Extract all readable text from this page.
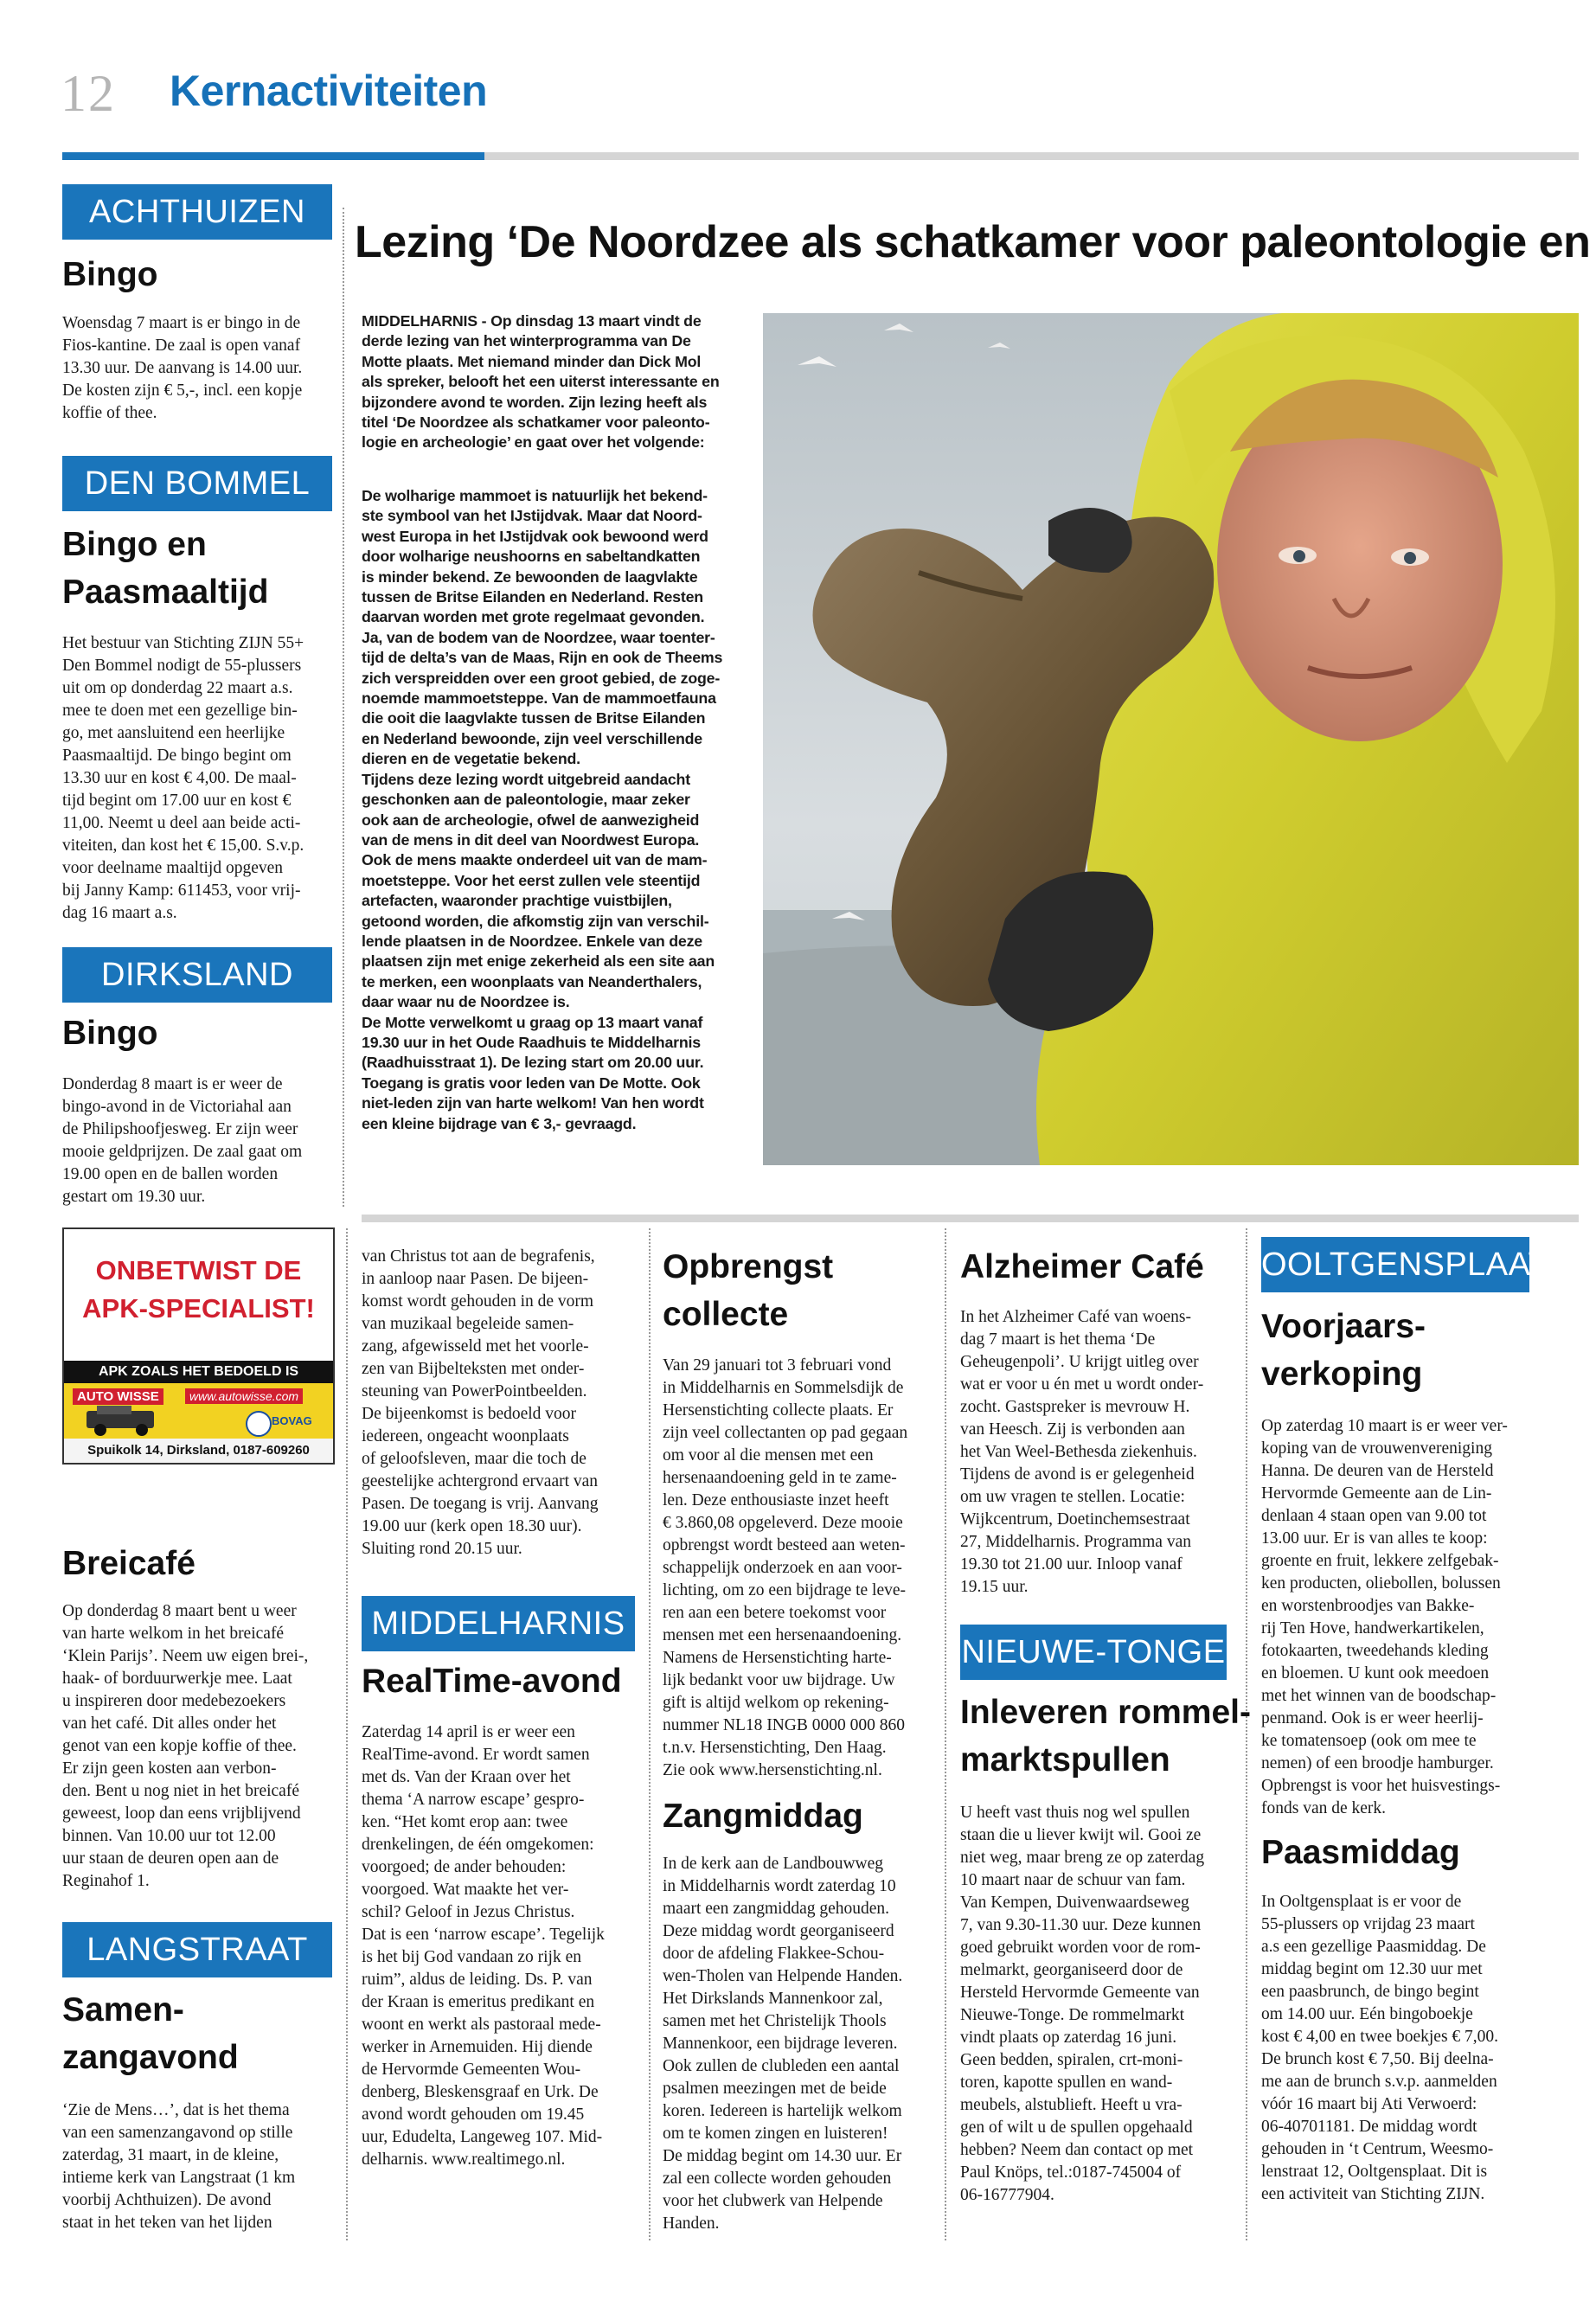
12 Kernactiviteiten
ACHTHUIZEN
Bingo
Woensdag 7 maart is er bingo in de
Fios-kantine. De zaal is open vanaf
13.30 uur. De aanvang is 14.00 uur.
De kosten zijn € 5,-, incl. een kopje
koffie of thee.
DEN BOMMEL
Bingo en
Paasmaaltijd
Het bestuur van Stichting ZIJN 55+
Den Bommel nodigt de 55-plussers
uit om op donderdag 22 maart a.s.
mee te doen met een gezellige bin-
go, met aansluitend een heerlijke
Paasmaaltijd. De bingo begint om
13.30 uur en kost € 4,00. De maal-
tijd begint om 17.00 uur en kost €
11,00. Neemt u deel aan beide acti-
viteiten, dan kost het € 15,00. S.v.p.
voor deelname maaltijd opgeven
bij Janny Kamp: 611453, voor vrij-
dag 16 maart a.s.
DIRKSLAND
Bingo
Donderdag 8 maart is er weer de
bingo-avond in de Victoriahal aan
de Philipshoofjesweg. Er zijn weer
mooie geldprijzen. De zaal gaat om
19.00 open en de ballen worden
gestart om 19.30 uur.
Lezing ‘De Noordzee als schatkamer voor paleontologie en
MIDDELHARNIS - Op dinsdag 13 maart vindt de
derde lezing van het winterprogramma van De
Motte plaats. Met niemand minder dan Dick Mol
als spreker, belooft het een uiterst interessante en
bijzondere avond te worden. Zijn lezing heeft als
titel ‘De Noordzee als schatkamer voor paleonto-
logie en archeologie’ en gaat over het volgende:
De wolharige mammoet is natuurlijk het bekend-
ste symbool van het IJstijdvak. Maar dat Noord-
west Europa in het IJstijdvak ook bewoond werd
door wolharige neushoorns en sabeltandkatten
is minder bekend. Ze bewoonden de laagvlakte
tussen de Britse Eilanden en Nederland. Resten
daarvan worden met grote regelmaat gevonden.
Ja, van de bodem van de Noordzee, waar toenter-
tijd de delta’s van de Maas, Rijn en ook de Theems
zich verspreidden over een groot gebied, de zoge-
noemde mammoetsteppe. Van de mammoetfauna
die ooit die laagvlakte tussen de Britse Eilanden
en Nederland bewoonde, zijn veel verschillende
dieren en de vegetatie bekend.
Tijdens deze lezing wordt uitgebreid aandacht
geschonken aan de paleontologie, maar zeker
ook aan de archeologie, ofwel de aanwezigheid
van de mens in dit deel van Noordwest Europa.
Ook de mens maakte onderdeel uit van de mam-
moetsteppe. Voor het eerst zullen vele steentijd
artefacten, waaronder prachtige vuistbijlen,
getoond worden, die afkomstig zijn van verschil-
lende plaatsen in de Noordzee. Enkele van deze
plaatsen zijn met enige zekerheid als een site aan
te merken, een woonplaats van Neanderthalers,
daar waar nu de Noordzee is.
De Motte verwelkomt u graag op 13 maart vanaf
19.30 uur in het Oude Raadhuis te Middelharnis
(Raadhuisstraat 1). De lezing start om 20.00 uur.
Toegang is gratis voor leden van De Motte. Ook
niet-leden zijn van harte welkom! Van hen wordt
een kleine bijdrage van € 3,- gevraagd.
ONBETWIST DE
APK-SPECIALIST!
APK ZOALS HET BEDOELD IS
AUTO WISSE	www.autowisse.com
BOVAG
Spuikolk 14, Dirksland, 0187-609260
Breicafé
Op donderdag 8 maart bent u weer
van harte welkom in het breicafé
‘Klein Parijs’. Neem uw eigen brei-,
haak- of borduurwerkje mee. Laat
u inspireren door medebezoekers
van het café. Dit alles onder het
genot van een kopje koffie of thee.
Er zijn geen kosten aan verbon-
den. Bent u nog niet in het breicafé
geweest, loop dan eens vrijblijvend
binnen. Van 10.00 uur tot 12.00
uur staan de deuren open aan de
Reginahof 1.
LANGSTRAAT
Samen-
zangavond
‘Zie de Mens…’, dat is het thema
van een samenzangavond op stille
zaterdag, 31 maart, in de kleine,
intieme kerk van Langstraat (1 km
voorbij Achthuizen). De avond
staat in het teken van het lijden
van Christus tot aan de begrafenis,
in aanloop naar Pasen. De bijeen-
komst wordt gehouden in de vorm
van muzikaal begeleide samen-
zang, afgewisseld met het voorle-
zen van Bijbelteksten met onder-
steuning van PowerPointbeelden.
De bijeenkomst is bedoeld voor
iedereen, ongeacht woonplaats
of geloofsleven, maar die toch de
geestelijke achtergrond ervaart van
Pasen. De toegang is vrij. Aanvang
19.00 uur (kerk open 18.30 uur).
Sluiting rond 20.15 uur.
MIDDELHARNIS
RealTime-avond
Zaterdag 14 april is er weer een
RealTime-avond. Er wordt samen
met ds. Van der Kraan over het
thema ‘A narrow escape’ gespro-
ken. “Het komt erop aan: twee
drenkelingen, de één omgekomen:
voorgoed; de ander behouden:
voorgoed. Wat maakte het ver-
schil? Geloof in Jezus Christus.
Dat is een ‘narrow escape’. Tegelijk
is het bij God vandaan zo rijk en
ruim”, aldus de leiding. Ds. P. van
der Kraan is emeritus predikant en
woont en werkt als pastoraal mede-
werker in Arnemuiden. Hij diende
de Hervormde Gemeenten Wou-
denberg, Bleskensgraaf en Urk. De
avond wordt gehouden om 19.45
uur, Edudelta, Langeweg 107. Mid-
delharnis. www.realtimego.nl.
Opbrengst
collecte
Van 29 januari tot 3 februari vond
in Middelharnis en Sommelsdijk de
Hersenstichting collecte plaats. Er
zijn veel collectanten op pad gegaan
om voor al die mensen met een
hersenaandoening geld in te zame-
len. Deze enthousiaste inzet heeft
€ 3.860,08 opgeleverd. Deze mooie
opbrengst wordt besteed aan weten-
schappelijk onderzoek en aan voor-
lichting, om zo een bijdrage te leve-
ren aan een betere toekomst voor
mensen met een hersenaandoening.
Namens de Hersenstichting harte-
lijk bedankt voor uw bijdrage. Uw
gift is altijd welkom op rekening-
nummer NL18 INGB 0000 000 860
t.n.v. Hersenstichting, Den Haag.
Zie ook www.hersenstichting.nl.
Zangmiddag
In de kerk aan de Landbouwweg
in Middelharnis wordt zaterdag 10
maart een zangmiddag gehouden.
Deze middag wordt georganiseerd
door de afdeling Flakkee-Schou-
wen-Tholen van Helpende Handen.
Het Dirkslands Mannenkoor zal,
samen met het Christelijk Thools
Mannenkoor, een bijdrage leveren.
Ook zullen de clubleden een aantal
psalmen meezingen met de beide
koren. Iedereen is hartelijk welkom
om te komen zingen en luisteren!
De middag begint om 14.30 uur. Er
zal een collecte worden gehouden
voor het clubwerk van Helpende
Handen.
Alzheimer Café
In het Alzheimer Café van woens-
dag 7 maart is het thema ‘De
Geheugenpoli’. U krijgt uitleg over
wat er voor u én met u wordt onder-
zocht. Gastspreker is mevrouw H.
van Heesch. Zij is verbonden aan
het Van Weel-Bethesda ziekenhuis.
Tijdens de avond is er gelegenheid
om uw vragen te stellen. Locatie:
Wijkcentrum, Doetinchemsestraat
27, Middelharnis. Programma van
19.30 tot 21.00 uur. Inloop vanaf
19.15 uur.
NIEUWE-TONGE
Inleveren rommel-
marktspullen
U heeft vast thuis nog wel spullen
staan die u liever kwijt wil. Gooi ze
niet weg, maar breng ze op zaterdag
10 maart naar de schuur van fam.
Van Kempen, Duivenwaardseweg
7, van 9.30-11.30 uur. Deze kunnen
goed gebruikt worden voor de rom-
melmarkt, georganiseerd door de
Hersteld Hervormde Gemeente van
Nieuwe-Tonge. De rommelmarkt
vindt plaats op zaterdag 16 juni.
Geen bedden, spiralen, crt-moni-
toren, kapotte spullen en wand-
meubels, alstublieft. Heeft u vra-
gen of wilt u de spullen opgehaald
hebben? Neem dan contact op met
Paul Knöps, tel.:0187-745004 of
06-16777904.
OOLTGENSPLAAT
Voorjaars-
verkoping
Op zaterdag 10 maart is er weer ver-
koping van de vrouwenvereniging
Hanna. De deuren van de Hersteld
Hervormde Gemeente aan de Lin-
denlaan 4 staan open van 9.00 tot
13.00 uur. Er is van alles te koop:
groente en fruit, lekkere zelfgebak-
ken producten, oliebollen, bolussen
en worstenbroodjes van Bakke-
rij Ten Hove, handwerkartikelen,
fotokaarten, tweedehands kleding
en bloemen. U kunt ook meedoen
met het winnen van de boodschap-
penmand. Ook is er weer heerlij-
ke tomatensoep (ook om mee te
nemen) of een broodje hamburger.
Opbrengst is voor het huisvestings-
fonds van de kerk.
Paasmiddag
In Ooltgensplaat is er voor de
55-plussers op vrijdag 23 maart
a.s een gezellige Paasmiddag. De
middag begint om 12.30 uur met
een paasbrunch, de bingo begint
om 14.00 uur. Eén bingoboekje
kost € 4,00 en twee boekjes € 7,00.
De brunch kost € 7,50. Bij deelna-
me aan de brunch s.v.p. aanmelden
vóór 16 maart bij Ati Verwoerd:
06-40701181. De middag wordt
gehouden in ‘t Centrum, Weesmo-
lenstraat 12, Ooltgensplaat. Dit is
een activiteit van Stichting ZIJN.
